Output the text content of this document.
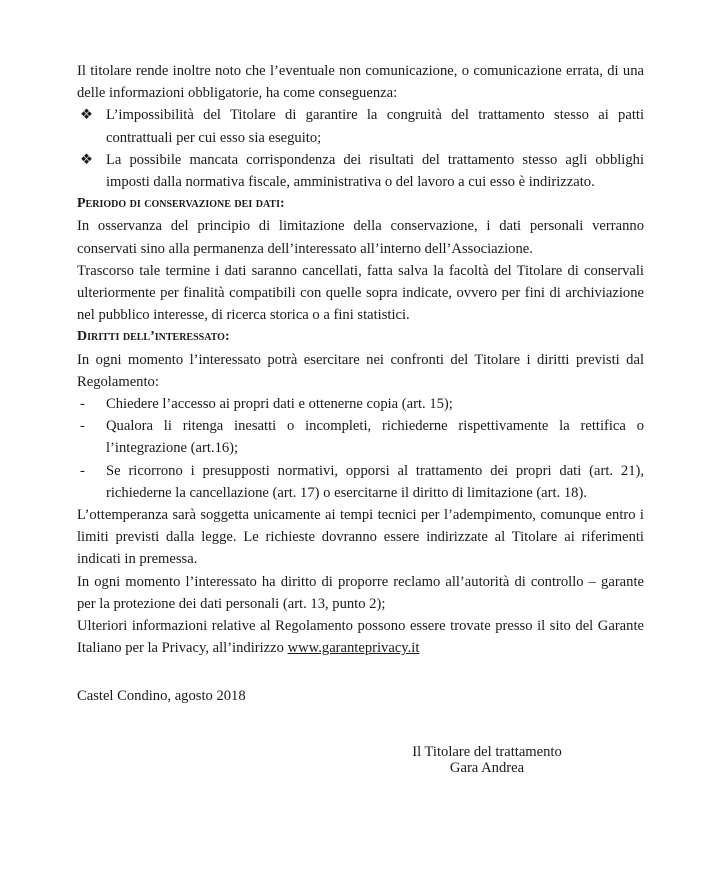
Il titolare rende inoltre noto che l’eventuale non comunicazione, o comunicazione errata, di una delle informazioni obbligatorie, ha come conseguenza:

❖ L’impossibilità del Titolare di garantire la congruità del trattamento stesso ai patti contrattuali per cui esso sia eseguito;

❖ La possibile mancata corrispondenza dei risultati del trattamento stesso agli obblighi imposti dalla normativa fiscale, amministrativa o del lavoro a cui esso è indirizzato.

Periodo di conservazione dei dati:

In osservanza del principio di limitazione della conservazione, i dati personali verranno conservati sino alla permanenza dell’interessato all’interno dell’Associazione.

Trascorso tale termine i dati saranno cancellati, fatta salva la facoltà del Titolare di conservali ulteriormente per finalità compatibili con quelle sopra indicate, ovvero per fini di archiviazione nel pubblico interesse, di ricerca storica o a fini statistici.

Diritti dell’interessato:

In ogni momento l’interessato potrà esercitare nei confronti del Titolare i diritti previsti dal Regolamento:

-	Chiedere l’accesso ai propri dati e ottenerne copia (art. 15);

-	Qualora li ritenga inesatti o incompleti, richiederne rispettivamente la rettifica o l’integrazione (art.16);

-	Se ricorrono i presupposti normativi, opporsi al trattamento dei propri dati (art. 21), richiederne la cancellazione (art. 17) o esercitarne il diritto di limitazione (art. 18).

L’ottemperanza sarà soggetta unicamente ai tempi tecnici per l’adempimento, comunque entro i limiti previsti dalla legge. Le richieste dovranno essere indirizzate al Titolare ai riferimenti indicati in premessa.

In ogni momento l’interessato ha diritto di proporre reclamo all’autorità di controllo – garante per la protezione dei dati personali (art. 13, punto 2);

Ulteriori informazioni relative al Regolamento possono essere trovate presso il sito del Garante Italiano per la Privacy, all’indirizzo www.garanteprivacy.it

Castel Condino, agosto 2018
Il Titolare del trattamento
Gara Andrea
